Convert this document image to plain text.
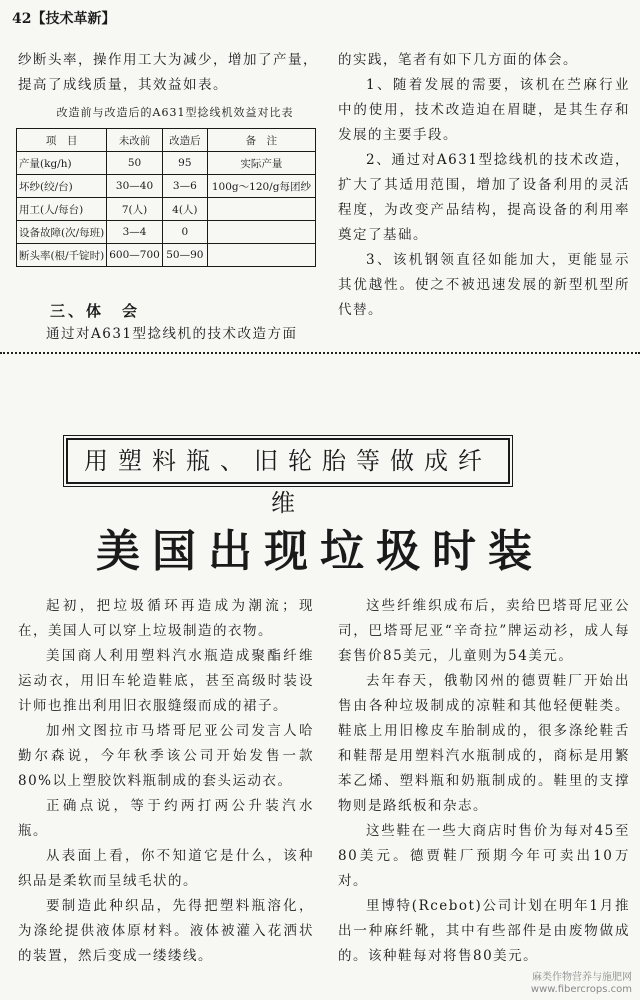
42【技术革新】

纱断头率，操作用工大为减少，增加了产量，提高了成线质量，其效益如表。

改造前与改造后的A631型捻线机效益对比表
项　目	未改前	改造后	备　注
产量(kg/h)	50	95	实际产量
坏纱(绞/台)	30—40	3—6	100g～120/g每团纱
用工(人/每台)	7(人)	4(人)	
设备故障(次/每班)	3—4	0	
断头率(根/千锭时)	600—700	50—90	
三、体　会

通过对A631型捻线机的技术改造方面

的实践，笔者有如下几方面的体会。

1、随着发展的需要，该机在苎麻行业中的使用，技术改造迫在眉睫，是其生存和发展的主要手段。

2、通过对A631型捻线机的技术改造，扩大了其适用范围，增加了设备利用的灵活程度，为改变产品结构，提高设备的利用率奠定了基础。

3、该机钢领直径如能加大，更能显示其优越性。使之不被迅速发展的新型机型所代替。

用塑料瓶、旧轮胎等做成纤维
美国出现垃圾时装

起初，把垃圾循环再造成为潮流；现在，美国人可以穿上垃圾制造的衣物。

美国商人利用塑料汽水瓶造成聚酯纤维运动衣，用旧车轮造鞋底，甚至高级时装设计师也推出利用旧衣服缝缀而成的裙子。

加州文图拉市马塔哥尼亚公司发言人哈勤尔森说，今年秋季该公司开始发售一款80%以上塑胶饮料瓶制成的套头运动衣。

正确点说，等于约两打两公升装汽水瓶。

从表面上看，你不知道它是什么，该种织品是柔软而呈绒毛状的。

要制造此种织品，先得把塑料瓶溶化，为涤纶提供液体原材料。液体被灌入花洒状的装置，然后变成一缕缕线。

这些纤维织成布后，卖给巴塔哥尼亚公司，巴塔哥尼亚“辛奇拉”牌运动衫，成人每套售价85美元，儿童则为54美元。

去年春天，俄勒冈州的德贾鞋厂开始出售由各种垃圾制成的凉鞋和其他轻便鞋类。鞋底上用旧橡皮车胎制成的，很多涤纶鞋舌和鞋帮是用塑料汽水瓶制成的，商标是用繁苯乙烯、塑料瓶和奶瓶制成的。鞋里的支撑物则是路纸板和杂志。

这些鞋在一些大商店时售价为每对45至80美元。德贾鞋厂预期今年可卖出10万对。

里博特(Rcebot)公司计划在明年1月推出一种麻纤靴，其中有些部件是由废物做成的。该种鞋每对将售80美元。

麻类作物营养与施肥网
www.fibercrops.com
